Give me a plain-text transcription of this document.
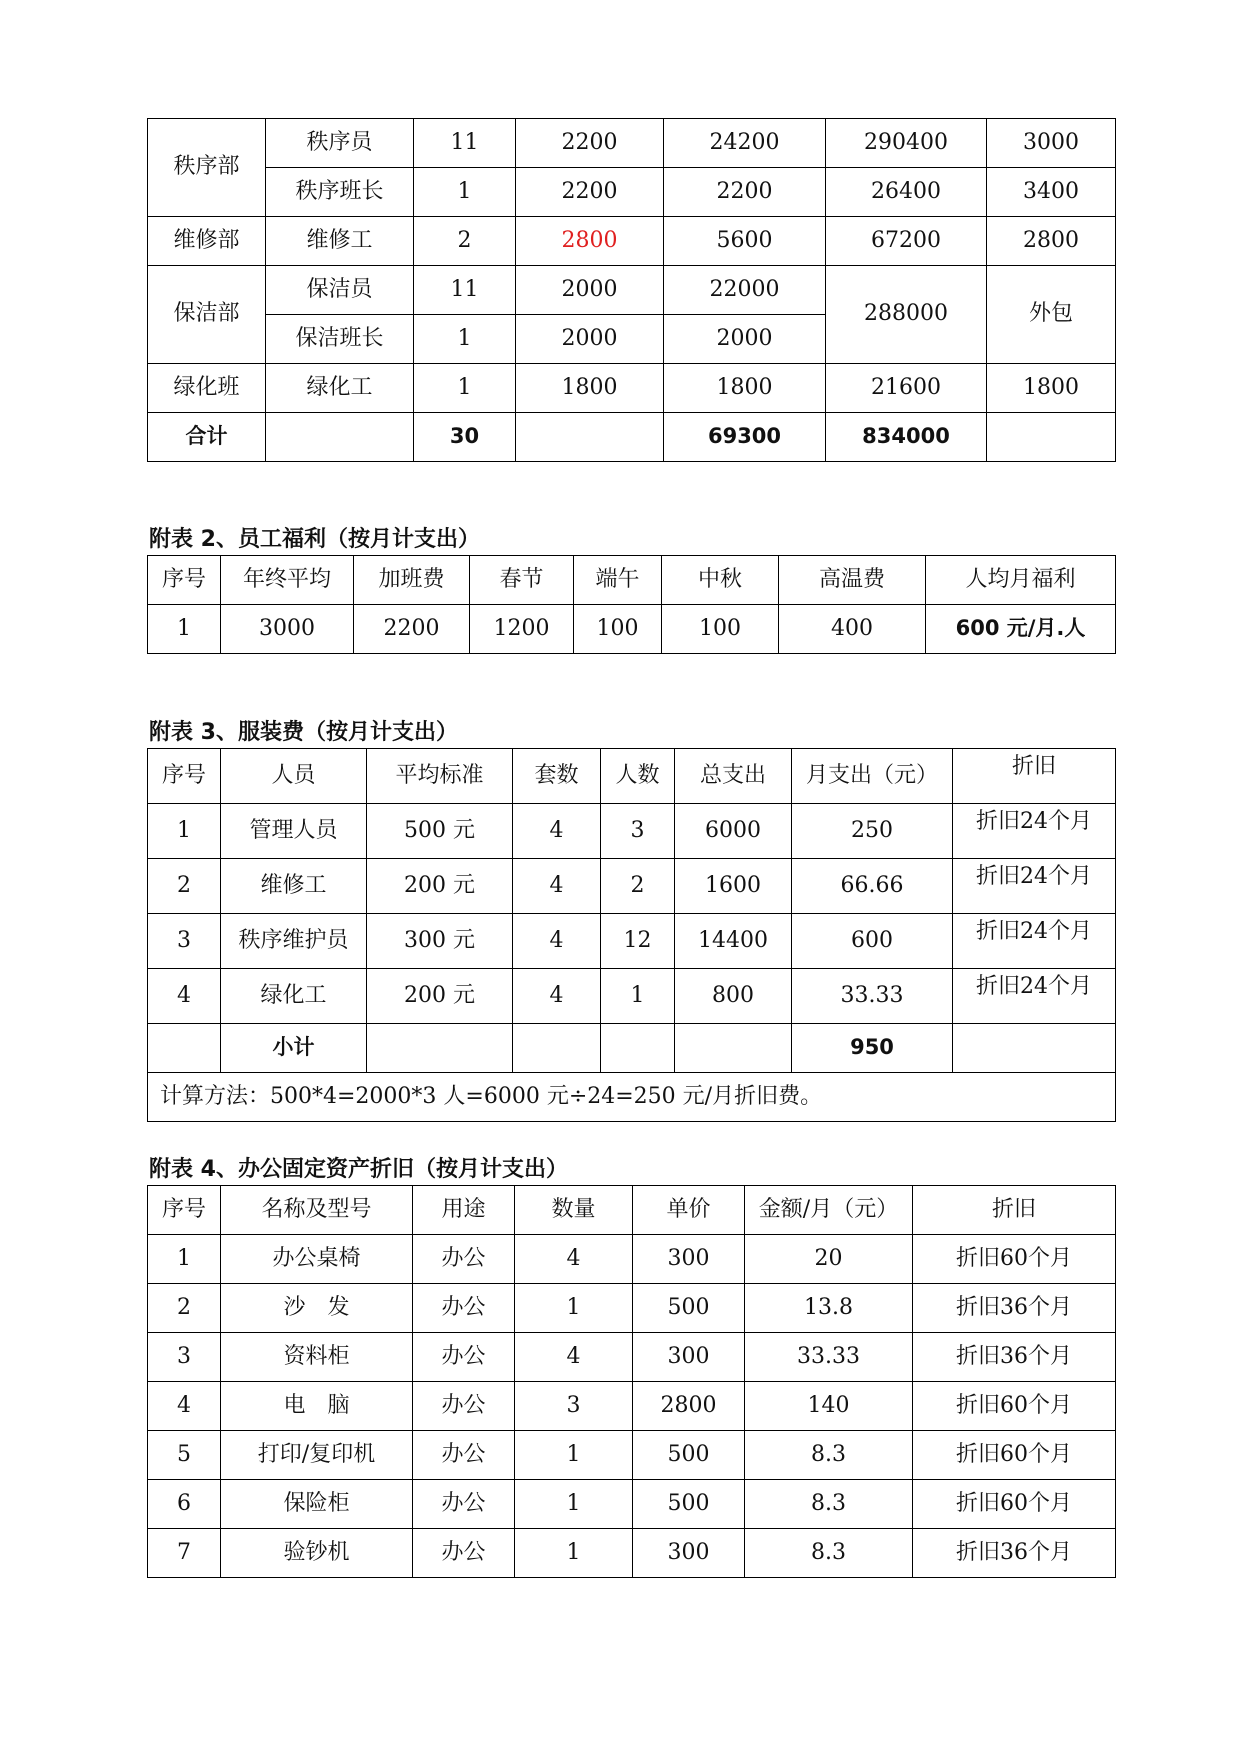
秩序部	秩序员	11	2200	24200	290400	3000
	秩序班长	1	2200	2200	26400	3400
维修部	维修工	2	2800	5600	67200	2800
保洁部	保洁员	11	2000	22000	288000	外包
	保洁班长	1	2000	2000		
绿化班	绿化工	1	1800	1800	21600	1800
合计		30		69300	834000	
附表 2、员工福利（按月计支出）
序号	年终平均	加班费	春节	端午	中秋	高温费	人均月福利
1	3000	2200	1200	100	100	400	600 元/月.人
附表 3、服装费（按月计支出）
序号	人员	平均标准	套数	人数	总支出	月支出（元）	折旧
1	管理人员	500 元	4	3	6000	250	折旧24个月
2	维修工	200 元	4	2	1600	66.66	折旧24个月
3	秩序维护员	300 元	4	12	14400	600	折旧24个月
4	绿化工	200 元	4	1	800	33.33	折旧24个月
	小计					950	
计算方法：500*4=2000*3 人=6000 元÷24=250 元/月折旧费。							
附表 4、办公固定资产折旧（按月计支出）
序号	名称及型号	用途	数量	单价	金额/月（元）	折旧
1	办公桌椅	办公	4	300	20	折旧60个月
2	沙　发	办公	1	500	13.8	折旧36个月
3	资料柜	办公	4	300	33.33	折旧36个月
4	电　脑	办公	3	2800	140	折旧60个月
5	打印/复印机	办公	1	500	8.3	折旧60个月
6	保险柜	办公	1	500	8.3	折旧60个月
7	验钞机	办公	1	300	8.3	折旧36个月
